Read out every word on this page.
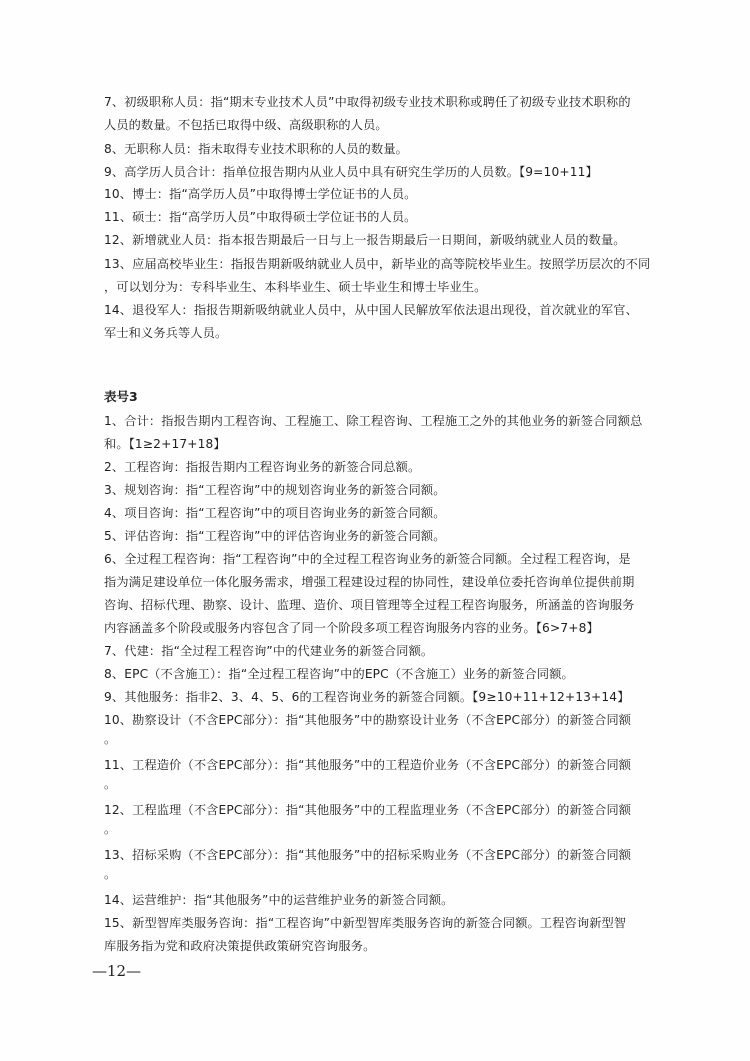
7、初级职称人员：指“期末专业技术人员”中取得初级专业技术职称或聘任了初级专业技术职称的
人员的数量。不包括已取得中级、高级职称的人员。
8、无职称人员：指未取得专业技术职称的人员的数量。
9、高学历人员合计：指单位报告期内从业人员中具有研究生学历的人员数。【9=10+11】
10、博士：指“高学历人员”中取得博士学位证书的人员。
11、硕士：指“高学历人员”中取得硕士学位证书的人员。
12、新增就业人员：指本报告期最后一日与上一报告期最后一日期间，新吸纳就业人员的数量。
13、应届高校毕业生：指报告期新吸纳就业人员中，新毕业的高等院校毕业生。按照学历层次的不同
，可以划分为：专科毕业生、本科毕业生、硕士毕业生和博士毕业生。
14、退役军人：指报告期新吸纳就业人员中，从中国人民解放军依法退出现役，首次就业的军官、
军士和义务兵等人员。
表号3
1、合计：指报告期内工程咨询、工程施工、除工程咨询、工程施工之外的其他业务的新签合同额总
和。【1≥2+17+18】
2、工程咨询：指报告期内工程咨询业务的新签合同总额。
3、规划咨询：指“工程咨询”中的规划咨询业务的新签合同额。
4、项目咨询：指“工程咨询”中的项目咨询业务的新签合同额。
5、评估咨询：指“工程咨询”中的评估咨询业务的新签合同额。
6、全过程工程咨询：指“工程咨询”中的全过程工程咨询业务的新签合同额。全过程工程咨询，是
指为满足建设单位一体化服务需求，增强工程建设过程的协同性，建设单位委托咨询单位提供前期
咨询、招标代理、勘察、设计、监理、造价、项目管理等全过程工程咨询服务，所涵盖的咨询服务
内容涵盖多个阶段或服务内容包含了同一个阶段多项工程咨询服务内容的业务。【6>7+8】
7、代建：指“全过程工程咨询”中的代建业务的新签合同额。
8、EPC（不含施工）：指“全过程工程咨询”中的EPC（不含施工）业务的新签合同额。
9、其他服务：指非2、3、4、5、6的工程咨询业务的新签合同额。【9≥10+11+12+13+14】
10、勘察设计（不含EPC部分）：指“其他服务”中的勘察设计业务（不含EPC部分）的新签合同额
。
11、工程造价（不含EPC部分）：指“其他服务”中的工程造价业务（不含EPC部分）的新签合同额
。
12、工程监理（不含EPC部分）：指“其他服务”中的工程监理业务（不含EPC部分）的新签合同额
。
13、招标采购（不含EPC部分）：指“其他服务”中的招标采购业务（不含EPC部分）的新签合同额
。
14、运营维护：指“其他服务”中的运营维护业务的新签合同额。
15、新型智库类服务咨询：指“工程咨询”中新型智库类服务咨询的新签合同额。工程咨询新型智
库服务指为党和政府决策提供政策研究咨询服务。
—12—
